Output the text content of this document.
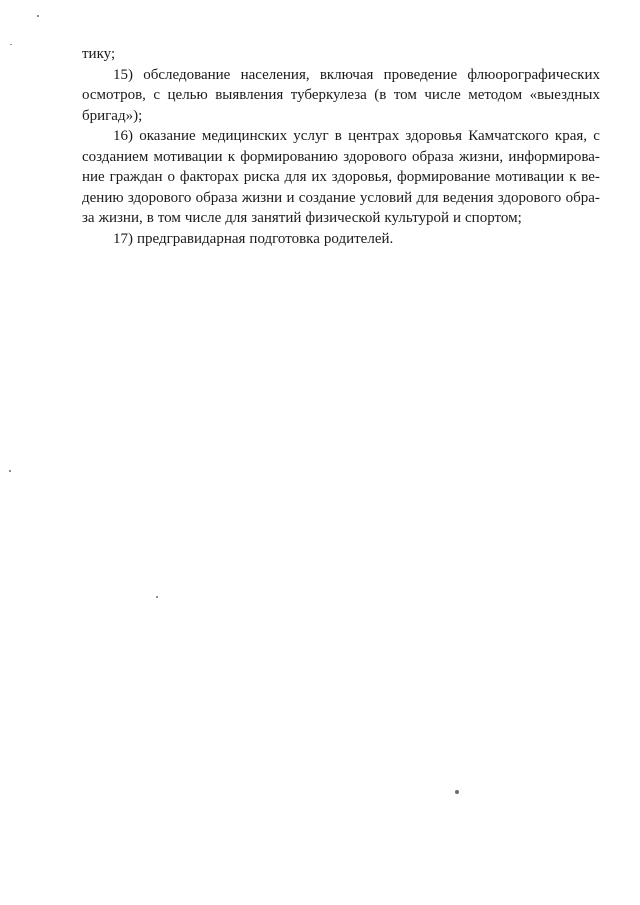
тику;
15) обследование населения, включая проведение флюорографических
осмотров, с целью выявления туберкулеза (в том числе методом «выездных
бригад»);
16) оказание медицинских услуг в центрах здоровья Камчатского края, с
созданием мотивации к формированию здорового образа жизни, информирова-
ние граждан о факторах риска для их здоровья, формирование мотивации к ве-
дению здорового образа жизни и создание условий для ведения здорового обра-
за жизни, в том числе для занятий физической культурой и спортом;
17) предгравидарная подготовка родителей.
